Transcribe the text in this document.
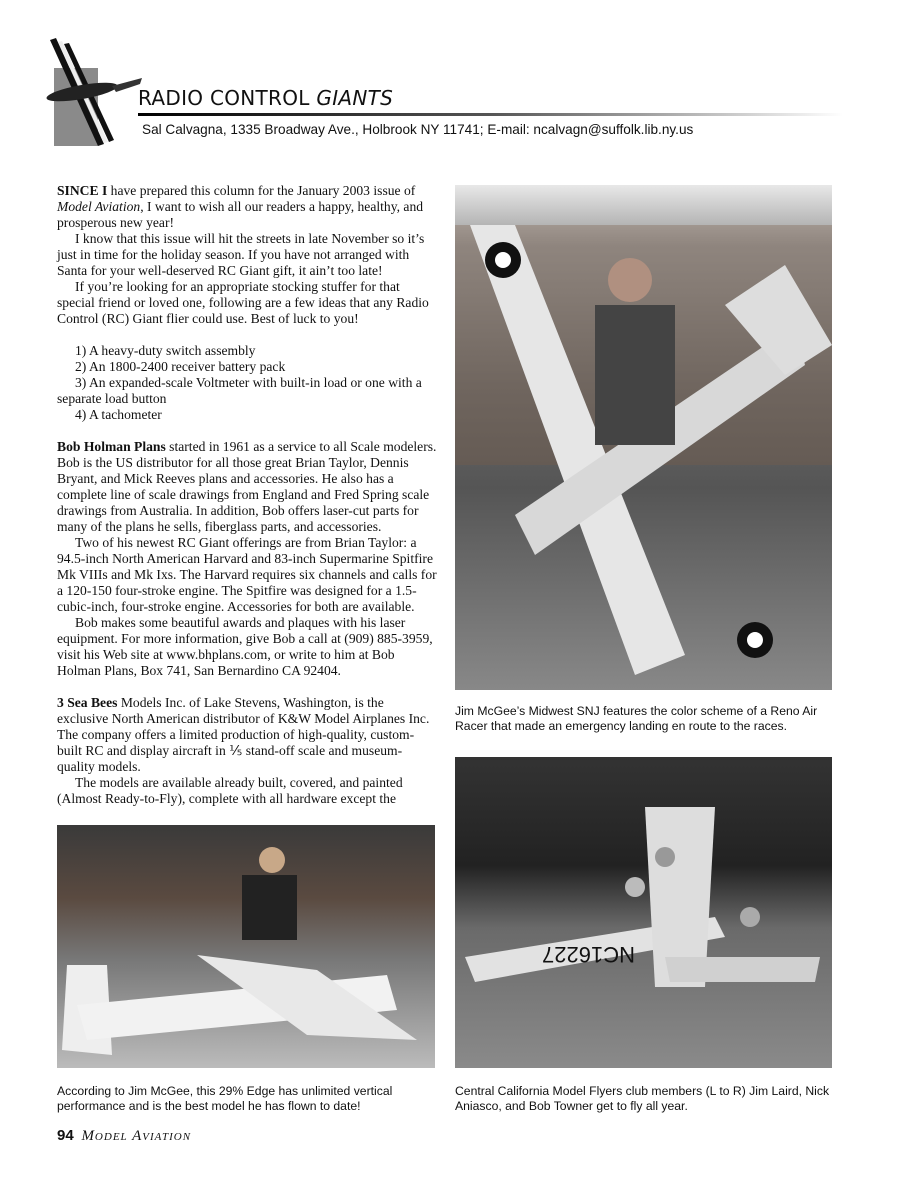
RADIO CONTROL GIANTS
Sal Calvagna, 1335 Broadway Ave., Holbrook NY 11741; E-mail: ncalvagn@suffolk.lib.ny.us

SINCE I have prepared this column for the January 2003 issue of Model Aviation, I want to wish all our readers a happy, healthy, and prosperous new year!

I know that this issue will hit the streets in late November so it’s just in time for the holiday season. If you have not arranged with Santa for your well-deserved RC Giant gift, it ain’t too late!

If you’re looking for an appropriate stocking stuffer for that special friend or loved one, following are a few ideas that any Radio Control (RC) Giant flier could use. Best of luck to you!

1) A heavy-duty switch assembly

2) An 1800-2400 receiver battery pack

3) An expanded-scale Voltmeter with built-in load or one with a separate load button

4) A tachometer

Bob Holman Plans started in 1961 as a service to all Scale modelers. Bob is the US distributor for all those great Brian Taylor, Dennis Bryant, and Mick Reeves plans and accessories. He also has a complete line of scale drawings from England and Fred Spring scale drawings from Australia. In addition, Bob offers laser-cut parts for many of the plans he sells, fiberglass parts, and accessories.

Two of his newest RC Giant offerings are from Brian Taylor: a 94.5-inch North American Harvard and 83-inch Supermarine Spitfire Mk VIIIs and Mk Ixs. The Harvard requires six channels and calls for a 120-150 four-stroke engine. The Spitfire was designed for a 1.5-cubic-inch, four-stroke engine. Accessories for both are available.

Bob makes some beautiful awards and plaques with his laser equipment. For more information, give Bob a call at (909) 885-3959, visit his Web site at www.bhplans.com, or write to him at Bob Holman Plans, Box 741, San Bernardino CA 92404.

3 Sea Bees Models Inc. of Lake Stevens, Washington, is the exclusive North American distributor of K&W Model Airplanes Inc. The company offers a limited production of high-quality, custom-built RC and display aircraft in ⅕ stand-off scale and museum-quality models.

The models are available already built, covered, and painted (Almost Ready-to-Fly), complete with all hardware except the

Jim McGee’s Midwest SNJ features the color scheme of a Reno Air Racer that made an emergency landing en route to the races.
NC16227
Central California Model Flyers club members (L to R) Jim Laird, Nick Aniasco, and Bob Towner get to fly all year.
According to Jim McGee, this 29% Edge has unlimited vertical performance and is the best model he has flown to date!
94 Model Aviation
